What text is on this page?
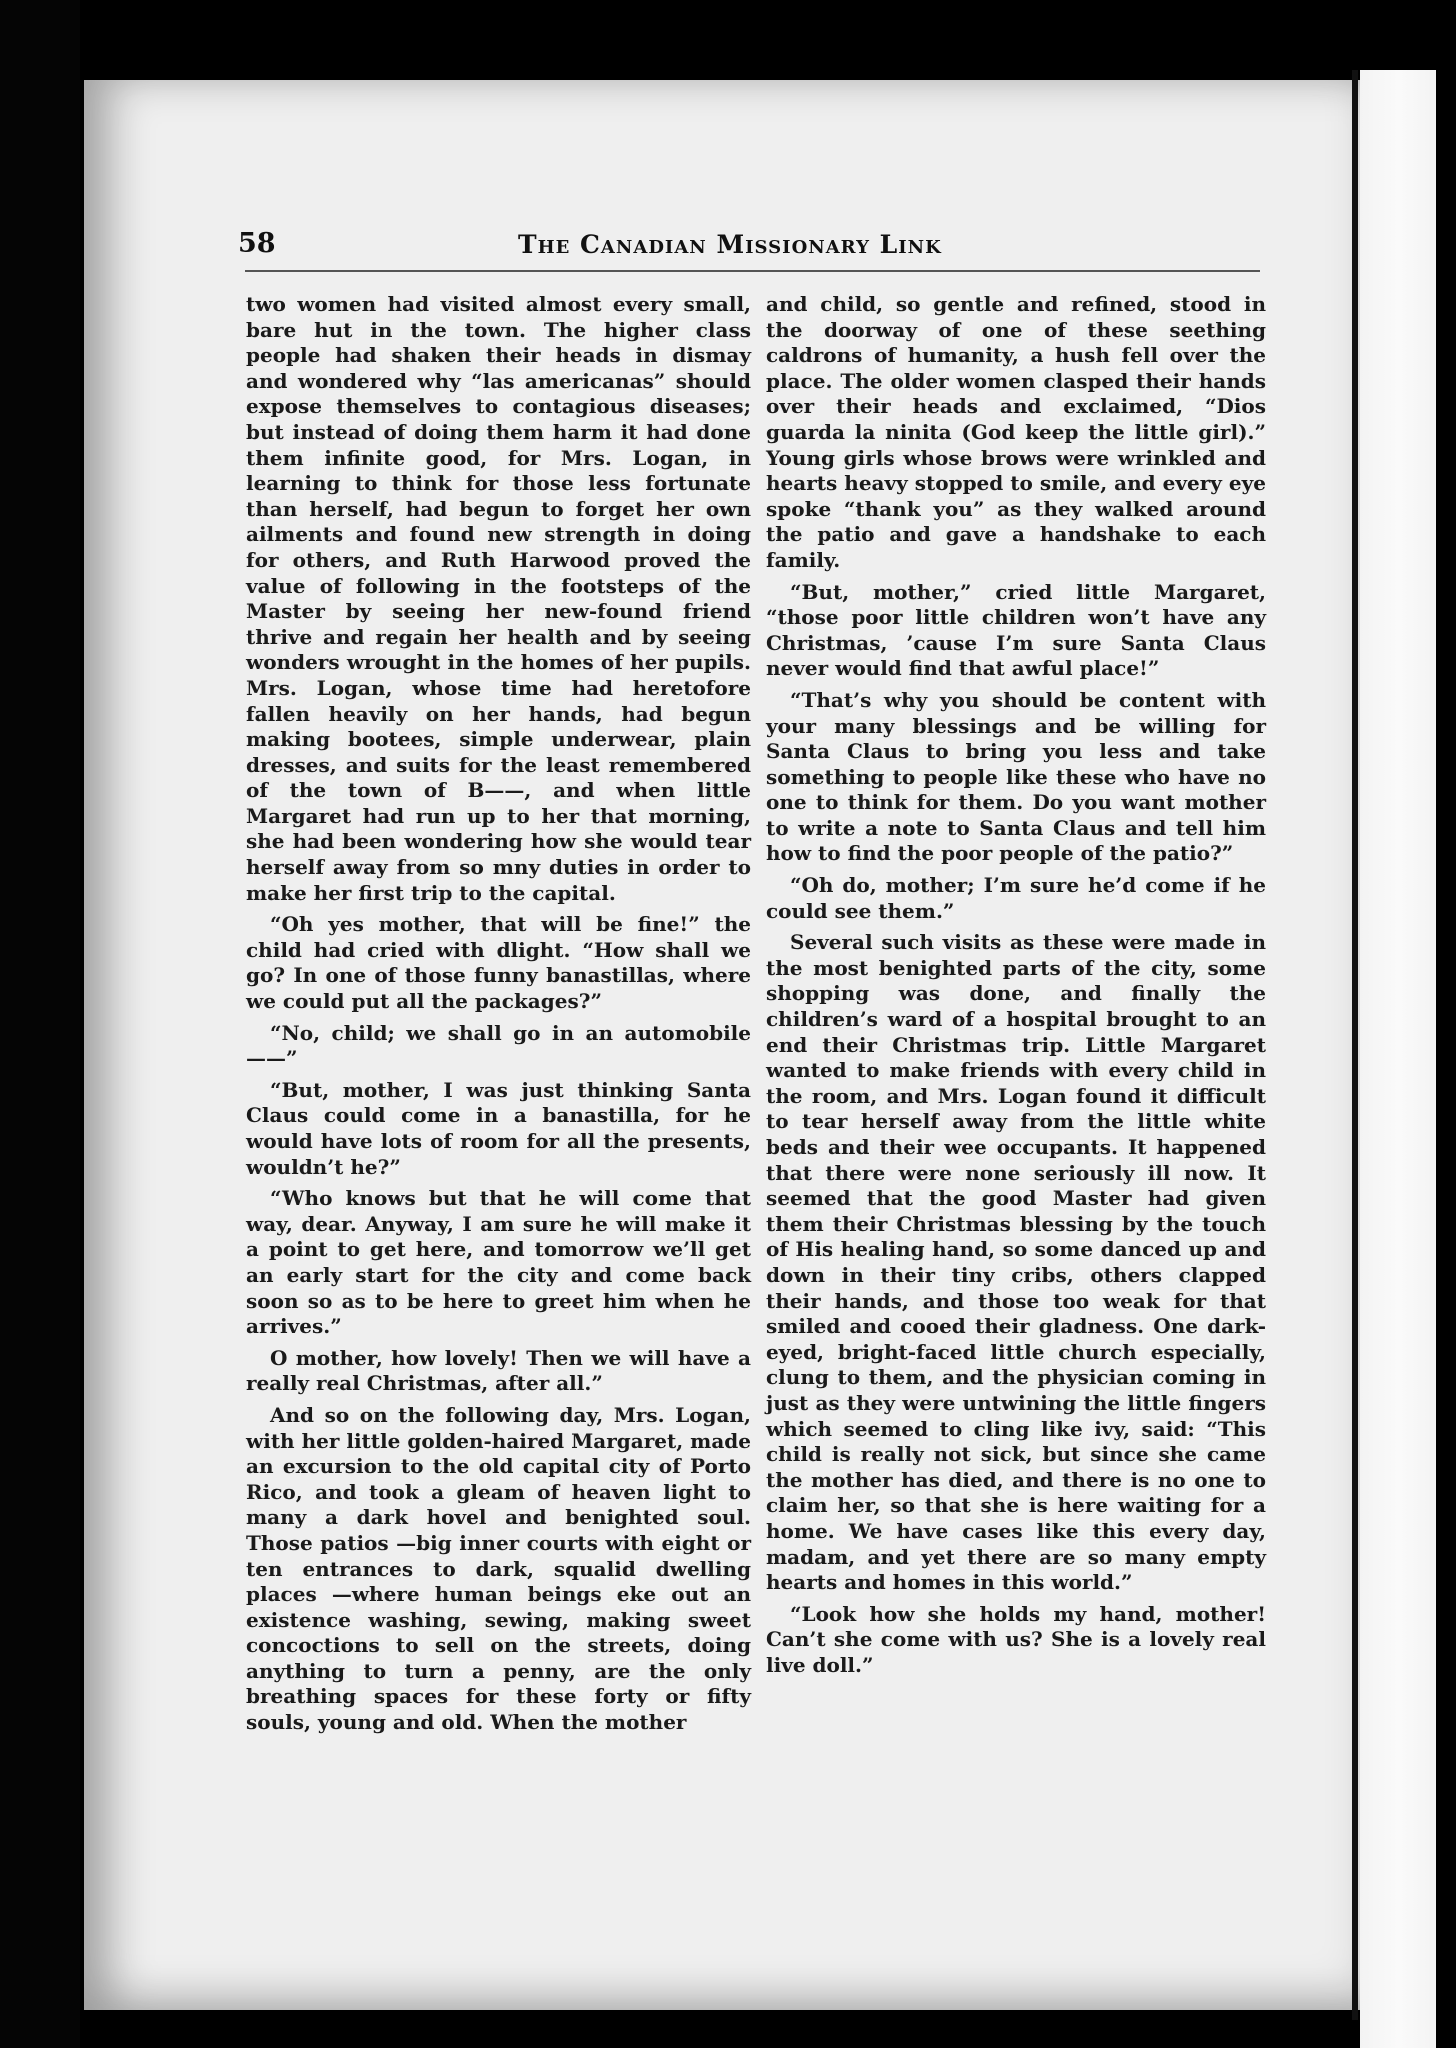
58	The Canadian Missionary Link

two women had visited almost every small, bare hut in the town. The higher class people had shaken their heads in dismay and wondered why “las americanas” should expose themselves to contagious diseases; but instead of doing them harm it had done them infinite good, for Mrs. Logan, in learning to think for those less fortunate than herself, had begun to forget her own ailments and found new strength in doing for others, and Ruth Harwood proved the value of following in the footsteps of the Master by seeing her new-found friend thrive and regain her health and by seeing wonders wrought in the homes of her pupils. Mrs. Logan, whose time had heretofore fallen heavily on her hands, had begun making bootees, simple underwear, plain dresses, and suits for the least remembered of the town of B——, and when little Margaret had run up to her that morning, she had been wondering how she would tear herself away from so mny duties in order to make her first trip to the capital.

“Oh yes mother, that will be fine!” the child had cried with dlight. “How shall we go? In one of those funny banastillas, where we could put all the packages?”

“No, child; we shall go in an automobile——”

“But, mother, I was just thinking Santa Claus could come in a banastilla, for he would have lots of room for all the presents, wouldn’t he?”

“Who knows but that he will come that way, dear. Anyway, I am sure he will make it a point to get here, and tomorrow we’ll get an early start for the city and come back soon so as to be here to greet him when he arrives.”

O mother, how lovely! Then we will have a really real Christmas, after all.”

And so on the following day, Mrs. Logan, with her little golden-haired Margaret, made an excursion to the old capital city of Porto Rico, and took a gleam of heaven light to many a dark hovel and benighted soul. Those patios —big inner courts with eight or ten entrances to dark, squalid dwelling places —where human beings eke out an existence washing, sewing, making sweet concoctions to sell on the streets, doing anything to turn a penny, are the only breathing spaces for these forty or fifty souls, young and old. When the mother

and child, so gentle and refined, stood in the doorway of one of these seething caldrons of humanity, a hush fell over the place. The older women clasped their hands over their heads and exclaimed, “Dios guarda la ninita (God keep the little girl).” Young girls whose brows were wrinkled and hearts heavy stopped to smile, and every eye spoke “thank you” as they walked around the patio and gave a handshake to each family.

“But, mother,” cried little Margaret, “those poor little children won’t have any Christmas, ’cause I’m sure Santa Claus never would find that awful place!”

“That’s why you should be content with your many blessings and be willing for Santa Claus to bring you less and take something to people like these who have no one to think for them. Do you want mother to write a note to Santa Claus and tell him how to find the poor people of the patio?”

“Oh do, mother; I’m sure he’d come if he could see them.”

Several such visits as these were made in the most benighted parts of the city, some shopping was done, and finally the children’s ward of a hospital brought to an end their Christmas trip. Little Margaret wanted to make friends with every child in the room, and Mrs. Logan found it difficult to tear herself away from the little white beds and their wee occupants. It happened that there were none seriously ill now. It seemed that the good Master had given them their Christmas blessing by the touch of His healing hand, so some danced up and down in their tiny cribs, others clapped their hands, and those too weak for that smiled and cooed their gladness. One dark-eyed, bright-faced little church especially, clung to them, and the physician coming in just as they were untwining the little fingers which seemed to cling like ivy, said: “This child is really not sick, but since she came the mother has died, and there is no one to claim her, so that she is here waiting for a home. We have cases like this every day, madam, and yet there are so many empty hearts and homes in this world.”

“Look how she holds my hand, mother! Can’t she come with us? She is a lovely real live doll.”
